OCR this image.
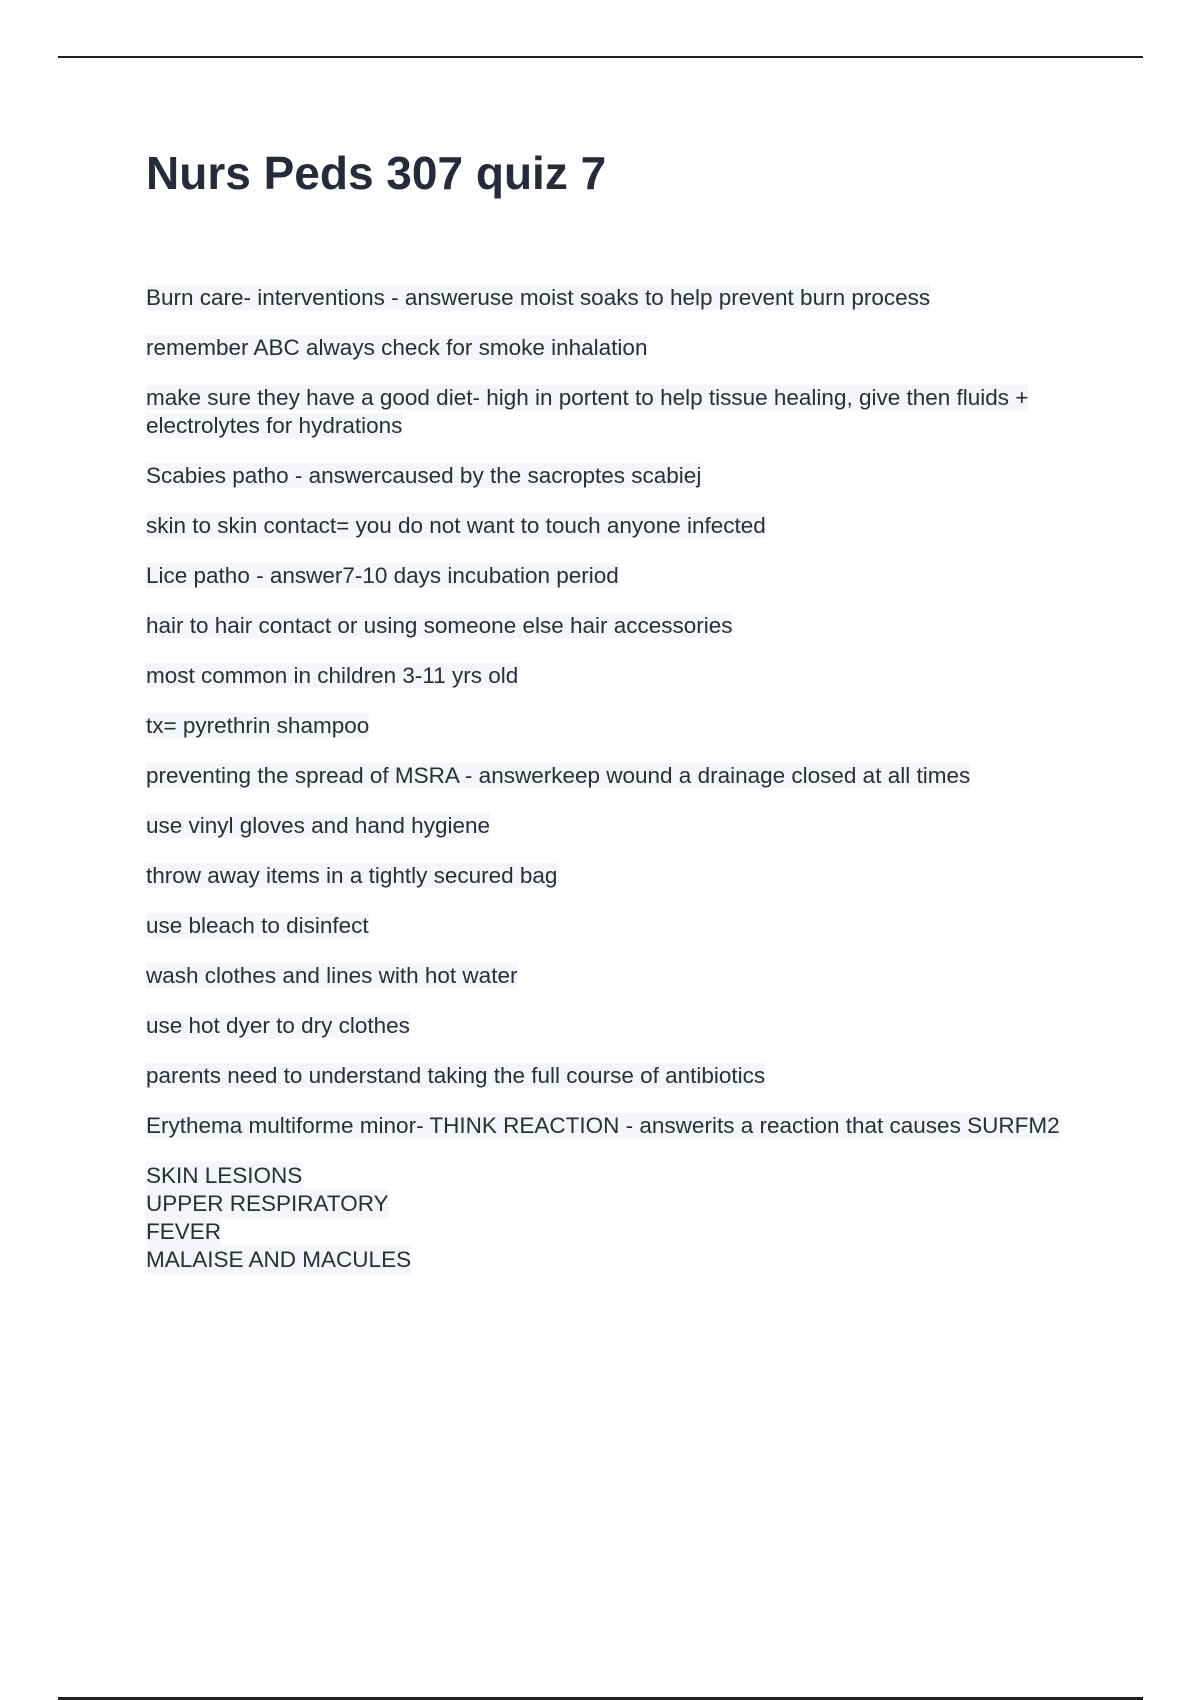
Nurs Peds 307 quiz 7

Burn care- interventions - answeruse moist soaks to help prevent burn process

remember ABC always check for smoke inhalation

make sure they have a good diet- high in portent to help tissue healing, give then fluids + electrolytes for hydrations

Scabies patho - answercaused by the sacroptes scabiej

skin to skin contact= you do not want to touch anyone infected

Lice patho - answer7-10 days incubation period

hair to hair contact or using someone else hair accessories

most common in children 3-11 yrs old

tx= pyrethrin shampoo

preventing the spread of MSRA - answerkeep wound a drainage closed at all times

use vinyl gloves and hand hygiene

throw away items in a tightly secured bag

use bleach to disinfect

wash clothes and lines with hot water

use hot dyer to dry clothes

parents need to understand taking the full course of antibiotics

Erythema multiforme minor- THINK REACTION - answerits a reaction that causes SURFM2

SKIN LESIONS
UPPER RESPIRATORY
FEVER
MALAISE AND MACULES
